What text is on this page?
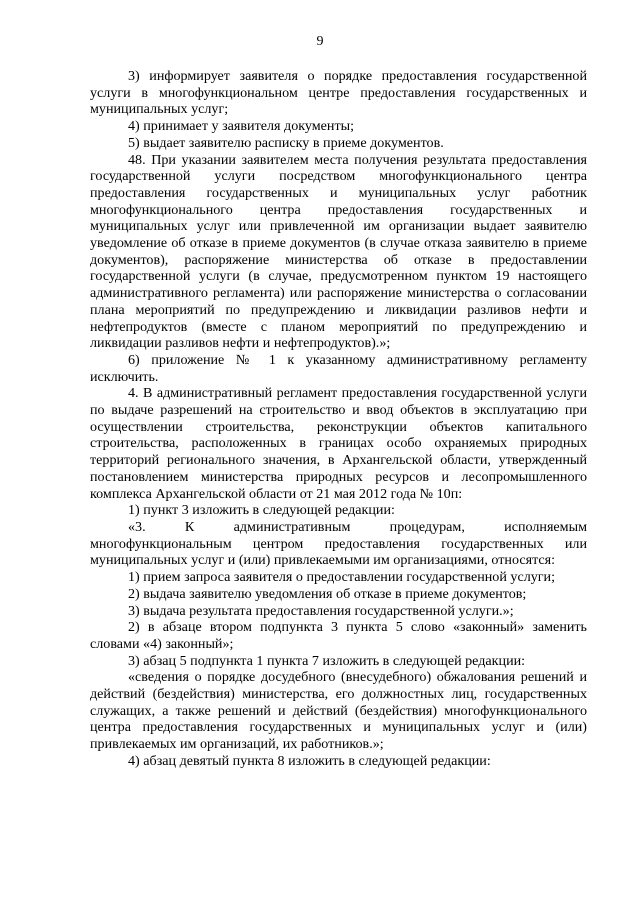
9

3) информирует заявителя о порядке предоставления государственной услуги в многофункциональном центре предоставления государственных и муниципальных услуг;

4) принимает у заявителя документы;

5) выдает заявителю расписку в приеме документов.

48. При указании заявителем места получения результата предоставления государственной услуги посредством многофункционального центра предоставления государственных и муниципальных услуг работник многофункционального центра предоставления государственных и муниципальных услуг или привлеченной им организации выдает заявителю уведомление об отказе в приеме документов (в случае отказа заявителю в приеме документов), распоряжение министерства об отказе в предоставлении государственной услуги (в случае, предусмотренном пунктом 19 настоящего административного регламента) или распоряжение министерства о согласовании плана мероприятий по предупреждению и ликвидации разливов нефти и нефтепродуктов (вместе с планом мероприятий по предупреждению и ликвидации разливов нефти и нефтепродуктов).»;

6) приложение № 1 к указанному административному регламенту исключить.

4. В административный регламент предоставления государственной услуги по выдаче разрешений на строительство и ввод объектов в эксплуатацию при осуществлении строительства, реконструкции объектов капитального строительства, расположенных в границах особо охраняемых природных территорий регионального значения, в Архангельской области, утвержденный постановлением министерства природных ресурсов и лесопромышленного комплекса Архангельской области от 21 мая 2012 года № 10п:

1) пункт 3 изложить в следующей редакции:

«3. К административным процедурам, исполняемым многофункциональным центром предоставления государственных или муниципальных услуг и (или) привлекаемыми им организациями, относятся:

1) прием запроса заявителя о предоставлении государственной услуги;

2) выдача заявителю уведомления об отказе в приеме документов;

3) выдача результата предоставления государственной услуги.»;

2) в абзаце втором подпункта 3 пункта 5 слово «законный» заменить словами «4) законный»;

3) абзац 5 подпункта 1 пункта 7 изложить в следующей редакции:

«сведения о порядке досудебного (внесудебного) обжалования решений и действий (бездействия) министерства, его должностных лиц, государственных служащих, а также решений и действий (бездействия) многофункционального центра предоставления государственных и муниципальных услуг и (или) привлекаемых им организаций, их работников.»;

4) абзац девятый пункта 8 изложить в следующей редакции:
